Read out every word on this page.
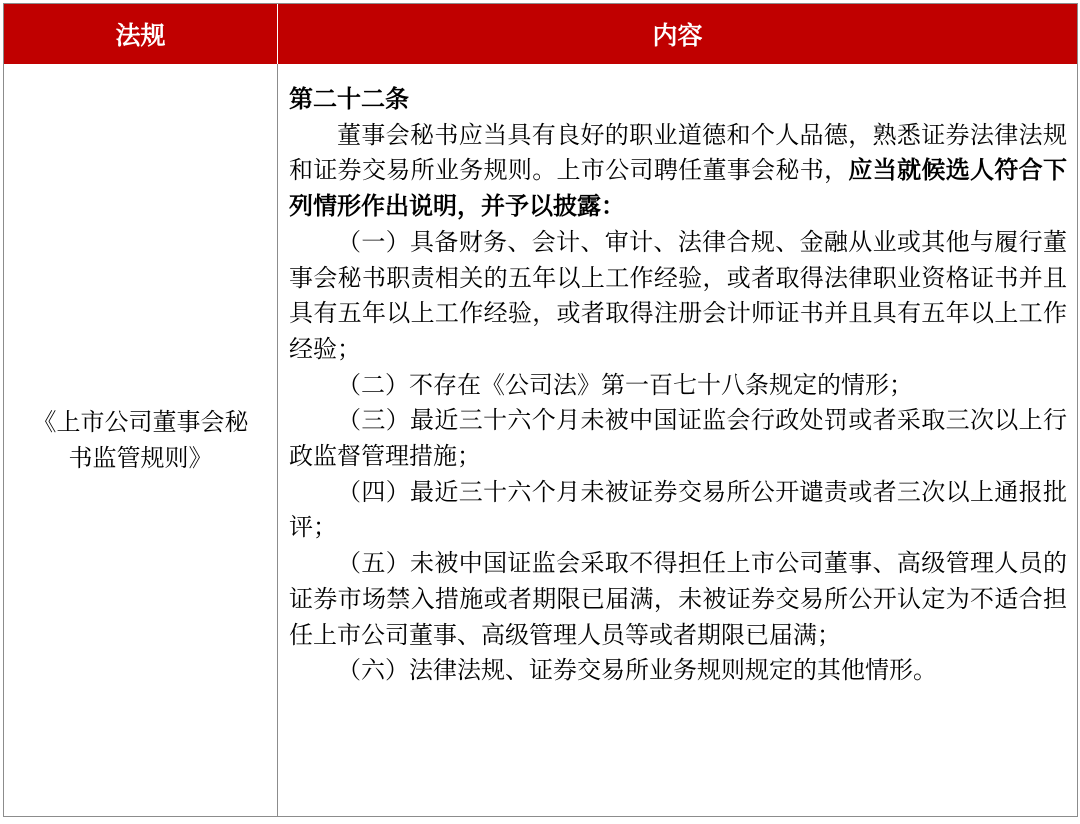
法规	内容
《上市公司董事会秘书监管规则》

第二十二条

董事会秘书应当具有良好的职业道德和个人品德，熟悉证券法律法规和证券交易所业务规则。上市公司聘任董事会秘书，应当就候选人符合下列情形作出说明，并予以披露：

（一）具备财务、会计、审计、法律合规、金融从业或其他与履行董事会秘书职责相关的五年以上工作经验，或者取得法律职业资格证书并且具有五年以上工作经验，或者取得注册会计师证书并且具有五年以上工作经验；

（二）不存在《公司法》第一百七十八条规定的情形；

（三）最近三十六个月未被中国证监会行政处罚或者采取三次以上行政监督管理措施；

（四）最近三十六个月未被证券交易所公开谴责或者三次以上通报批评；

（五）未被中国证监会采取不得担任上市公司董事、高级管理人员的证券市场禁入措施或者期限已届满，未被证券交易所公开认定为不适合担任上市公司董事、高级管理人员等或者期限已届满；

（六）法律法规、证券交易所业务规则规定的其他情形。
